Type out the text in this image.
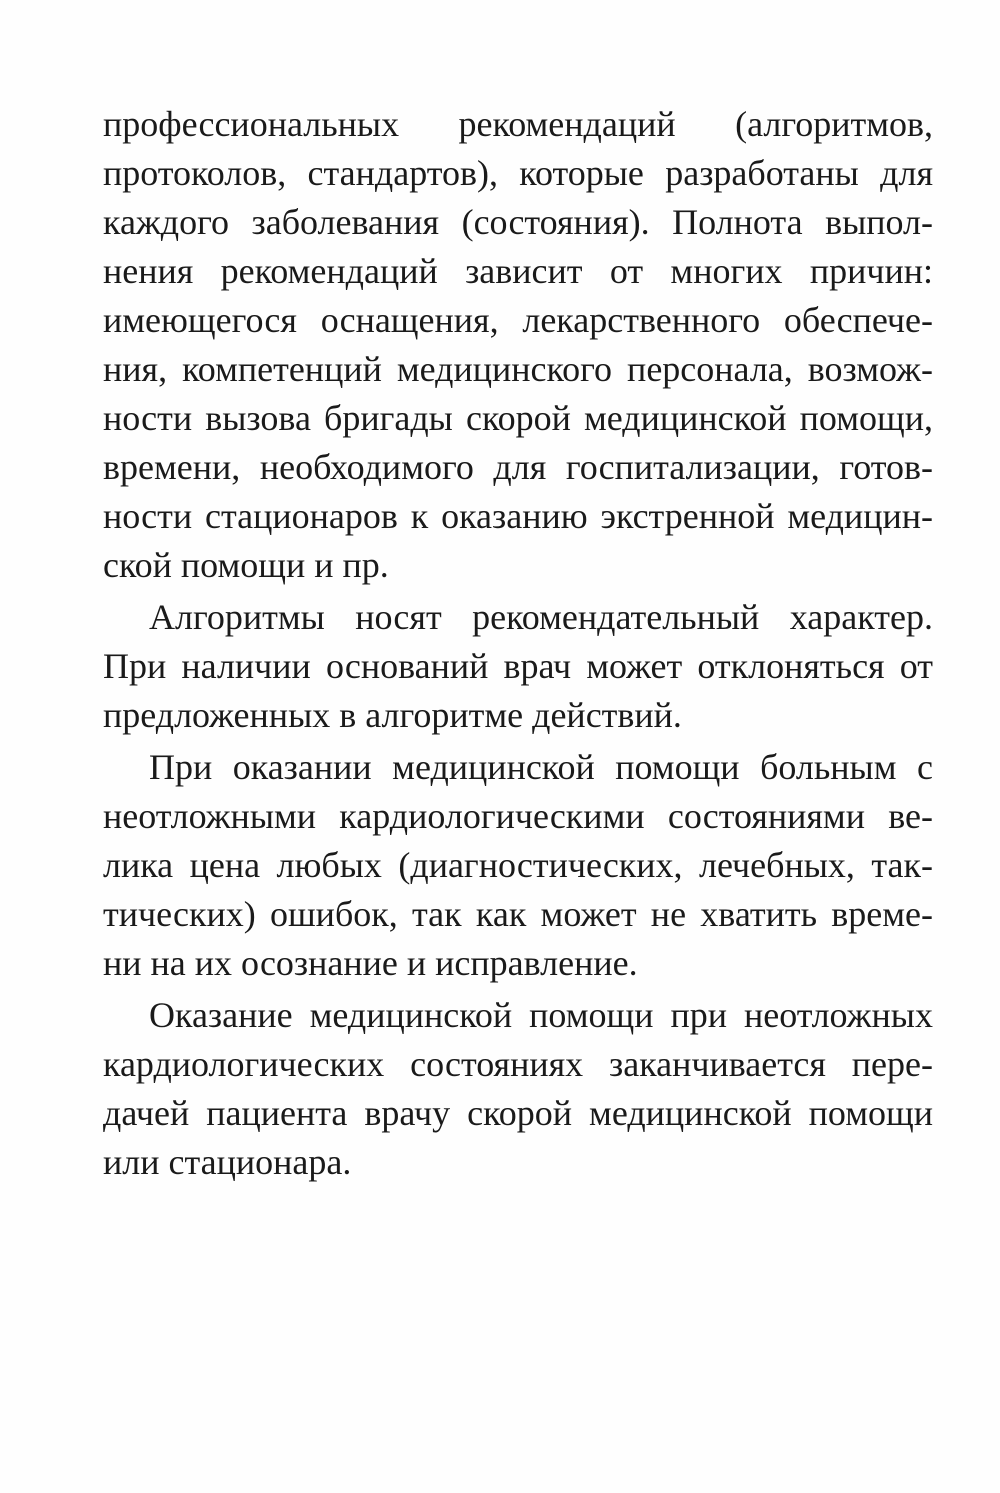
профессиональных рекомендаций (алгоритмов,
протоколов, стандартов), которые разработаны для
каждого заболевания (состояния). Полнота выпол-
нения рекомендаций зависит от многих причин:
имеющегося оснащения, лекарственного обеспече-
ния, компетенций медицинского персонала, возмож-
ности вызова бригады скорой медицинской помощи,
времени, необходимого для госпитализации, готов-
ности стационаров к оказанию экстренной медицин-
ской помощи и пр.
Алгоритмы носят рекомендательный характер.
При наличии оснований врач может отклоняться от
предложенных в алгоритме действий.
При оказании медицинской помощи больным с
неотложными кардиологическими состояниями ве-
лика цена любых (диагностических, лечебных, так-
тических) ошибок, так как может не хватить време-
ни на их осознание и исправление.
Оказание медицинской помощи при неотложных
кардиологических состояниях заканчивается пере-
дачей пациента врачу скорой медицинской помощи
или стационара.
